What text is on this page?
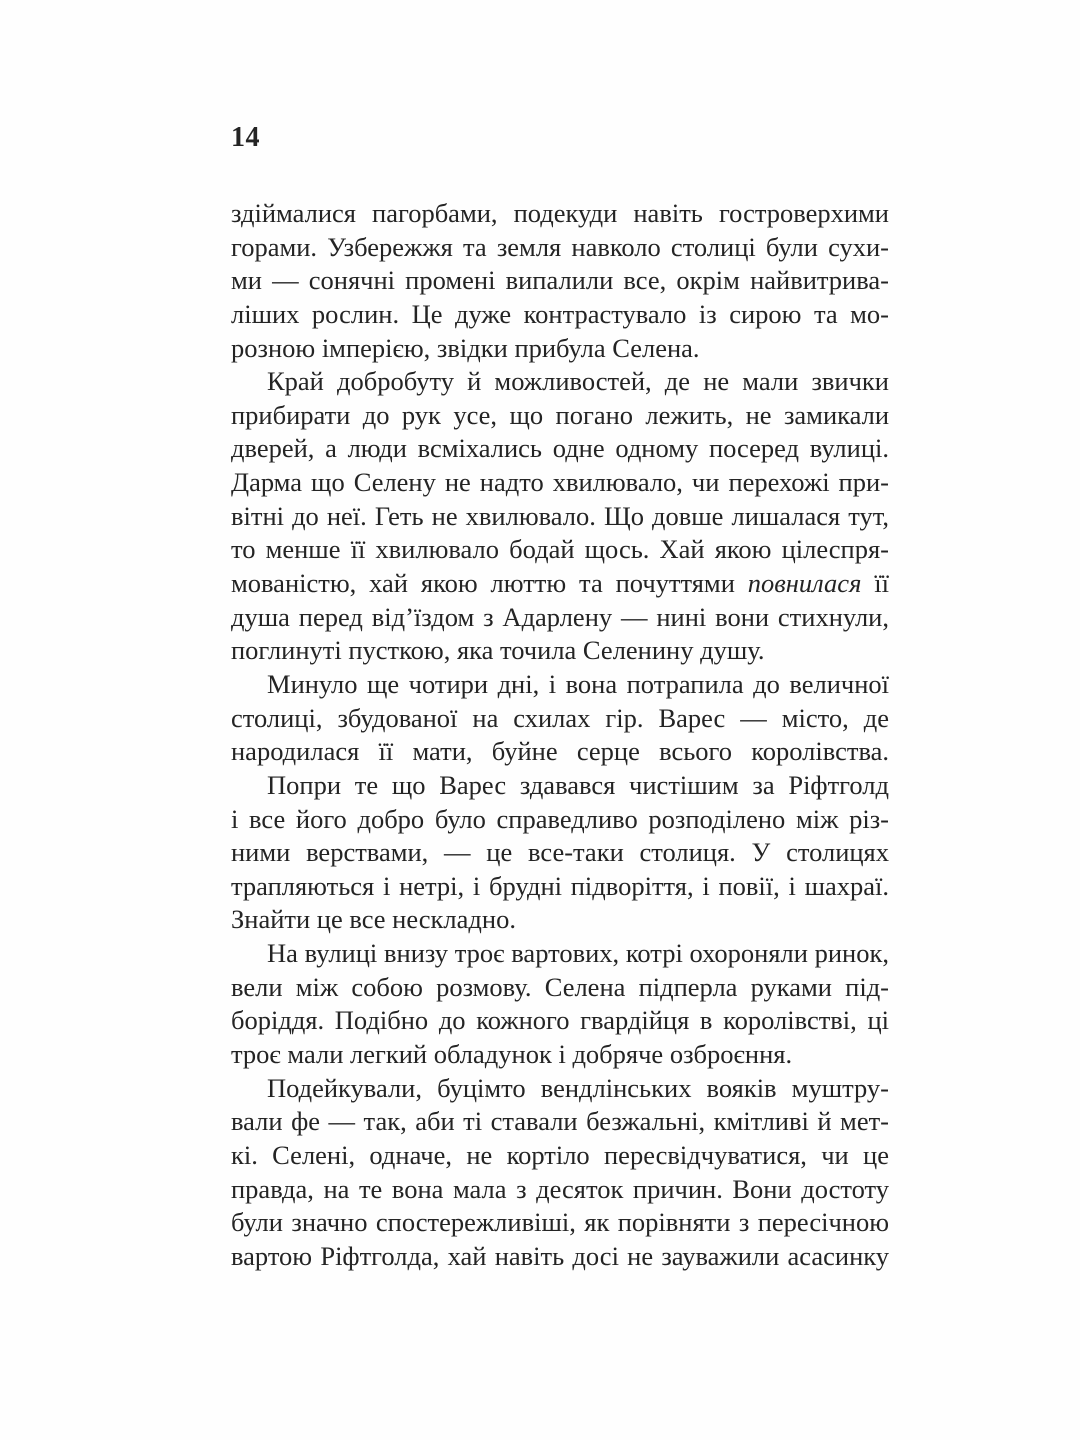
14
здіймалися пагорбами, подекуди навіть гостроверхими
горами. Узбережжя та земля навколо столиці були сухи-
ми — сонячні промені випалили все, окрім найвитрива-
ліших рослин. Це дуже контрастувало із сирою та мо-
розною імперією, звідки прибула Селена.
Край добробуту й можливостей, де не мали звички
прибирати до рук усе, що погано лежить, не замикали
дверей, а люди всміхались одне одному посеред вулиці.
Дарма що Селену не надто хвилювало, чи перехожі при-
вітні до неї. Геть не хвилювало. Що довше лишалася тут,
то менше її хвилювало бодай щось. Хай якою цілеспря-
мованістю, хай якою люттю та почуттями повнилася її
душа перед від’їздом з Адарлену — нині вони стихнули,
поглинуті пусткою, яка точила Селенину душу.
Минуло ще чотири дні, і вона потрапила до величної
столиці, збудованої на схилах гір. Варес — місто, де
народилася її мати, буйне серце всього королівства.
Попри те що Варес здавався чистішим за Ріфтголд
і все його добро було справедливо розподілено між різ-
ними верствами, — це все-таки столиця. У столицях
трапляються і нетрі, і брудні підворіття, і повії, і шахраї.
Знайти це все нескладно.
На вулиці внизу троє вартових, котрі охороняли ринок,
вели між собою розмову. Селена підперла руками під-
боріддя. Подібно до кожного гвардійця в королівстві, ці
троє мали легкий обладунок і добряче озброєння.
Подейкували, буцімто вендлінських вояків муштру-
вали фе — так, аби ті ставали безжальні, кмітливі й мет-
кі. Селені, одначе, не кортіло пересвідчуватися, чи це
правда, на те вона мала з десяток причин. Вони достоту
були значно спостережливіші, як порівняти з пересічною
вартою Ріфтголда, хай навіть досі не зауважили асасинку
